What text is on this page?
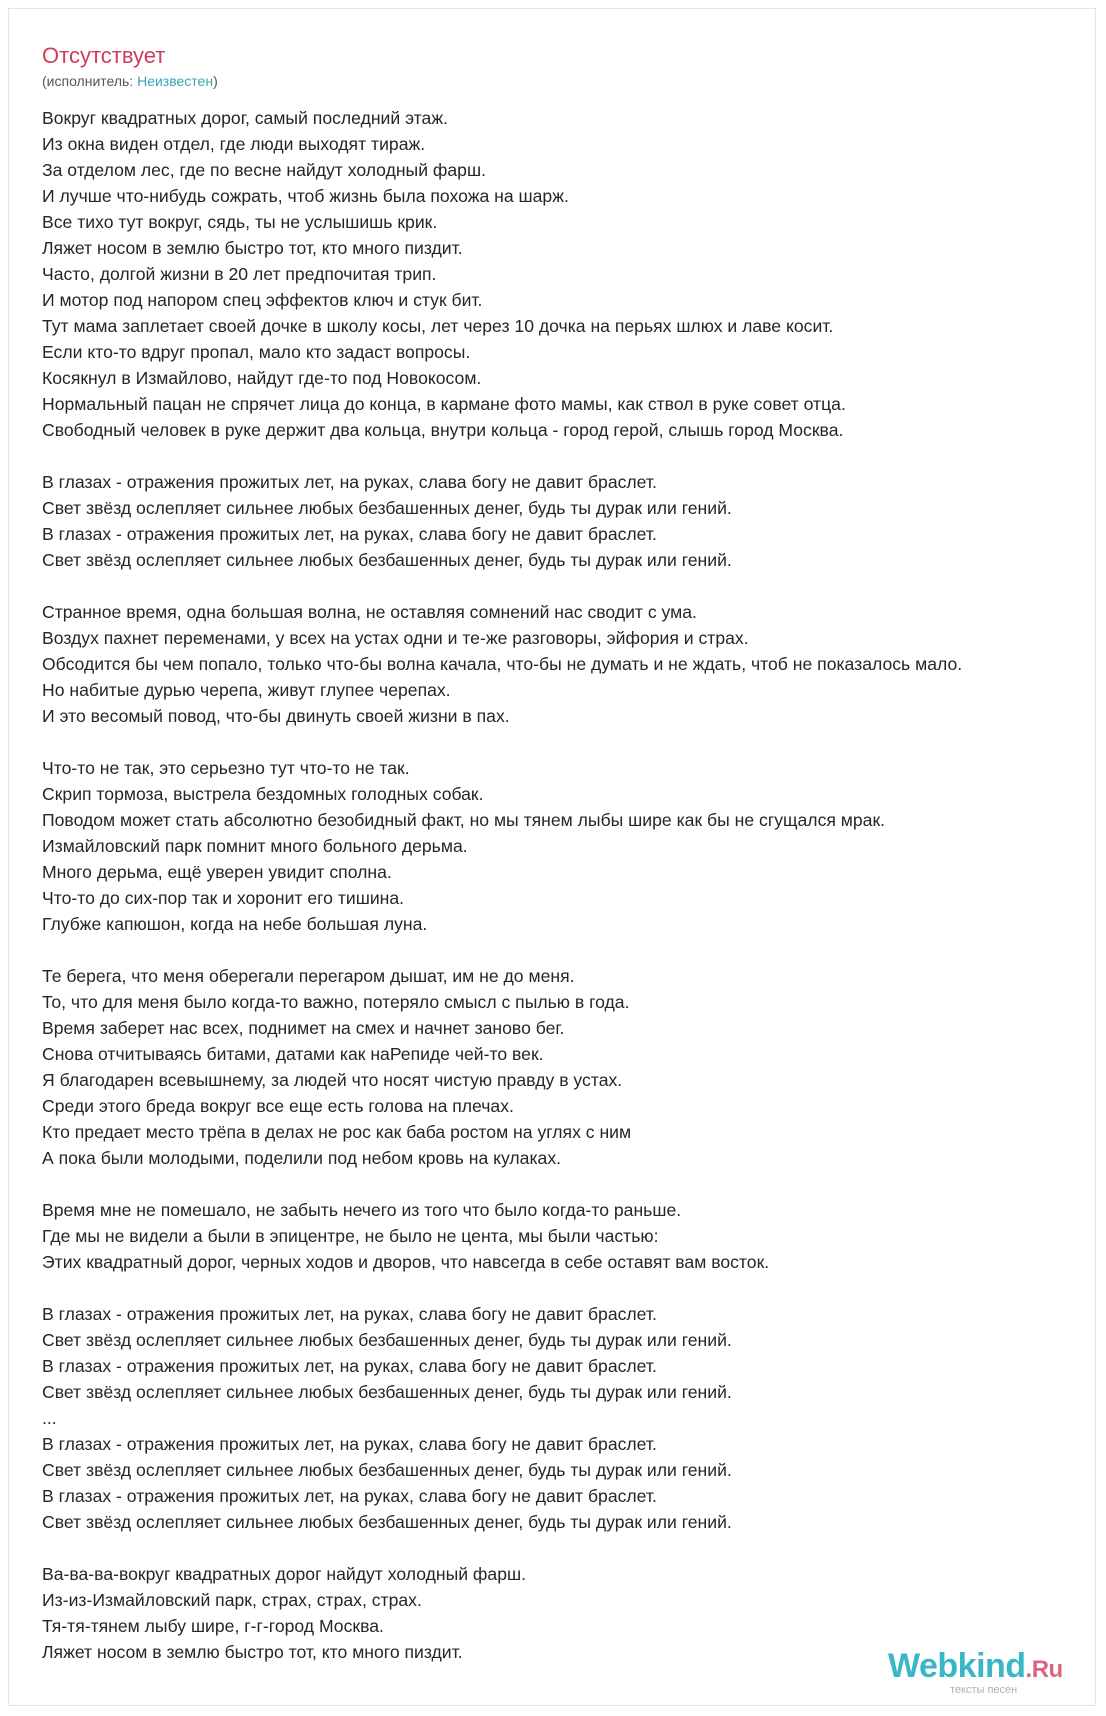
Отсутствует
(исполнитель: Неизвестен)
Вокруг квадратных дорог, самый последний этаж.
Из окна виден отдел, где люди выходят тираж.
За отделом лес, где по весне найдут холодный фарш.
И лучше что-нибудь сожрать, чтоб жизнь была похожа на шарж.
Все тихо тут вокруг, сядь, ты не услышишь крик.
Ляжет носом в землю быстро тот, кто много пиздит.
Часто, долгой жизни в 20 лет предпочитая трип.
И мотор под напором спец эффектов ключ и стук бит.
Тут мама заплетает своей дочке в школу косы, лет через 10 дочка на перьях шлюх и лаве косит.
Если кто-то вдруг пропал, мало кто задаст вопросы.
Косякнул в Измайлово, найдут где-то под Новокосом.
Нормальный пацан не спрячет лица до конца, в кармане фото мамы, как ствол в руке совет отца.
Свободный человек в руке держит два кольца, внутри кольца - город герой, слышь город Москва.
В глазах - отражения прожитых лет, на руках, слава богу не давит браслет.
Свет звёзд ослепляет сильнее любых безбашенных денег, будь ты дурак или гений.
В глазах - отражения прожитых лет, на руках, слава богу не давит браслет.
Свет звёзд ослепляет сильнее любых безбашенных денег, будь ты дурак или гений.
Странное время, одна большая волна, не оставляя сомнений нас сводит с ума.
Воздух пахнет переменами, у всех на устах одни и те-же разговоры, эйфория и страх.
Обсодится бы чем попало, только что-бы волна качала, что-бы не думать и не ждать, чтоб не показалось мало.
Но набитые дурью черепа, живут глупее черепах.
И это весомый повод, что-бы двинуть своей жизни в пах.
Что-то не так, это серьезно тут что-то не так.
Скрип тормоза, выстрела бездомных голодных собак.
Поводом может стать абсолютно безобидный факт, но мы тянем лыбы шире как бы не сгущался мрак.
Измайловский парк помнит много больного дерьма.
Много дерьма, ещё уверен увидит сполна.
Что-то до сих-пор так и хоронит его тишина.
Глубже капюшон, когда на небе большая луна.
Те берега, что меня оберегали перегаром дышат, им не до меня.
То, что для меня было когда-то важно, потеряло смысл с пылью в года.
Время заберет нас всех, поднимет на смех и начнет заново бег.
Снова отчитываясь битами, датами как наРепиде чей-то век.
Я благодарен всевышнему, за людей что носят чистую правду в устах.
Среди этого бреда вокруг все еще есть голова на плечах.
Кто предает место трёпа в делах не рос как баба ростом на углях с ним
А пока были молодыми, поделили под небом кровь на кулаках.
Время мне не помешало, не забыть нечего из того что было когда-то раньше.
Где мы не видели а были в эпицентре, не было не цента, мы были частью:
Этих квадратный дорог, черных ходов и дворов, что навсегда в себе оставят вам восток.
В глазах - отражения прожитых лет, на руках, слава богу не давит браслет.
Свет звёзд ослепляет сильнее любых безбашенных денег, будь ты дурак или гений.
В глазах - отражения прожитых лет, на руках, слава богу не давит браслет.
Свет звёзд ослепляет сильнее любых безбашенных денег, будь ты дурак или гений.
...
В глазах - отражения прожитых лет, на руках, слава богу не давит браслет.
Свет звёзд ослепляет сильнее любых безбашенных денег, будь ты дурак или гений.
В глазах - отражения прожитых лет, на руках, слава богу не давит браслет.
Свет звёзд ослепляет сильнее любых безбашенных денег, будь ты дурак или гений.
Ва-ва-ва-вокруг квадратных дорог найдут холодный фарш.
Из-из-Измайловский парк, страх, страх, страх.
Тя-тя-тянем лыбу шире, г-г-город Москва.
Ляжет носом в землю быстро тот, кто много пиздит.	Webkind.Ru
тексты песен
